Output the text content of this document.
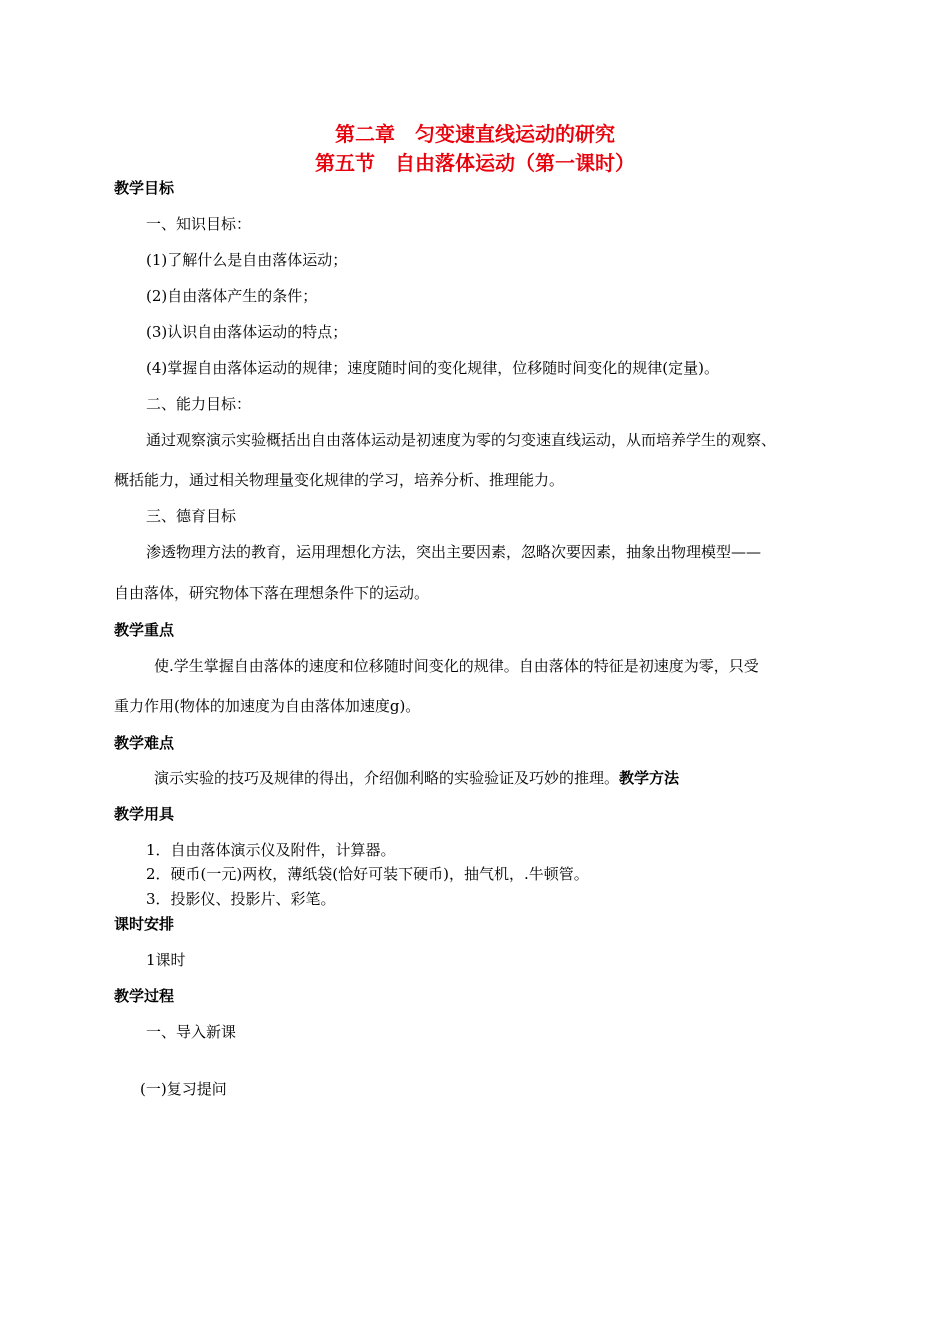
第二章　匀变速直线运动的研究
第五节　自由落体运动（第一课时）
教学目标
一、知识目标：
(1)了解什么是自由落体运动；
(2)自由落体产生的条件；
(3)认识自由落体运动的特点；
(4)掌握自由落体运动的规律；速度随时间的变化规律，位移随时间变化的规律(定量)。
二、能力目标：
通过观察演示实验概括出自由落体运动是初速度为零的匀变速直线运动，从而培养学生的观察、
概括能力，通过相关物理量变化规律的学习，培养分析、推理能力。
三、德育目标
渗透物理方法的教育，运用理想化方法，突出主要因素，忽略次要因素，抽象出物理模型——
自由落体，研究物体下落在理想条件下的运动。
教学重点
使.学生掌握自由落体的速度和位移随时间变化的规律。自由落体的特征是初速度为零，只受
重力作用(物体的加速度为自由落体加速度g)。
教学难点
演示实验的技巧及规律的得出，介绍伽利略的实验验证及巧妙的推理。教学方法
教学用具
1．自由落体演示仪及附件，计算器。
2．硬币(一元)两枚，薄纸袋(恰好可装下硬币)，抽气机，.牛顿管。
3．投影仪、投影片、彩笔。
课时安排
1课时
教学过程
一、导入新课
(一)复习提问
